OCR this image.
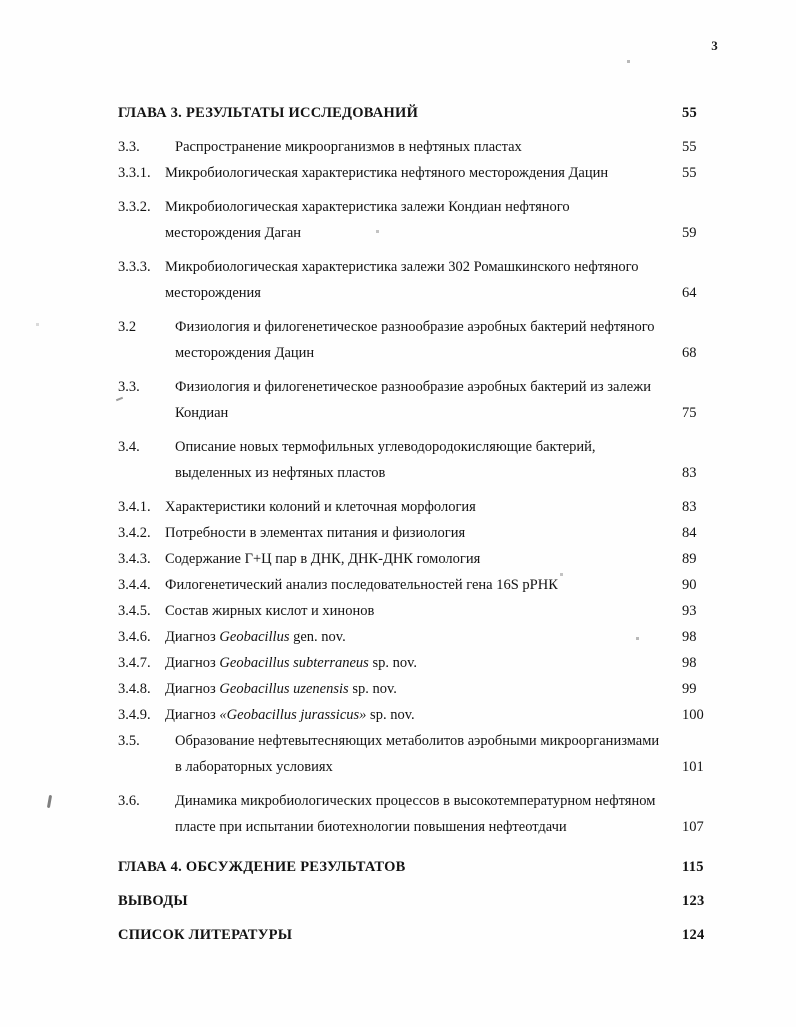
3
ГЛАВА 3. РЕЗУЛЬТАТЫ ИССЛЕДОВАНИЙ	55
3.3. Распространение микроорганизмов в нефтяных пластах	55
3.3.1. Микробиологическая характеристика нефтяного месторождения Дацин	55
3.3.2. Микробиологическая характеристика залежи Кондиан нефтяного
месторождения Даган	59
3.3.3. Микробиологическая характеристика залежи 302 Ромашкинского нефтяного
месторождения	64
3.2	Физиология и филогенетическое разнообразие аэробных бактерий нефтяного
месторождения Дацин	68
3.3. Физиология и филогенетическое разнообразие аэробных бактерий из залежи
Кондиан	75
3.4. Описание новых термофильных углеводородокисляющие бактерий,
выделенных из нефтяных пластов	83
3.4.1. Характеристики колоний и клеточная морфология	83
3.4.2. Потребности в элементах питания и физиология	84
3.4.3. Содержание Г+Ц пар в ДНК, ДНК-ДНК гомология	89
3.4.4. Филогенетический анализ последовательностей гена 16S рРНК	90
3.4.5. Состав жирных кислот и хинонов	93
3.4.6. Диагноз Geobacillus gen. nov.	98
3.4.7. Диагноз Geobacillus subterraneus sp. nov.	98
3.4.8. Диагноз Geobacillus uzenensis sp. nov.	99
3.4.9. Диагноз «Geobacillus jurassicus» sp. nov.	100
3.5. Образование нефтевытесняющих метаболитов аэробными микроорганизмами
в лабораторных условиях	101
3.6. Динамика микробиологических процессов в высокотемпературном нефтяном
пласте при испытании биотехнологии повышения нефтеотдачи	107
ГЛАВА 4. ОБСУЖДЕНИЕ РЕЗУЛЬТАТОВ	115
ВЫВОДЫ	123
СПИСОК ЛИТЕРАТУРЫ	124
